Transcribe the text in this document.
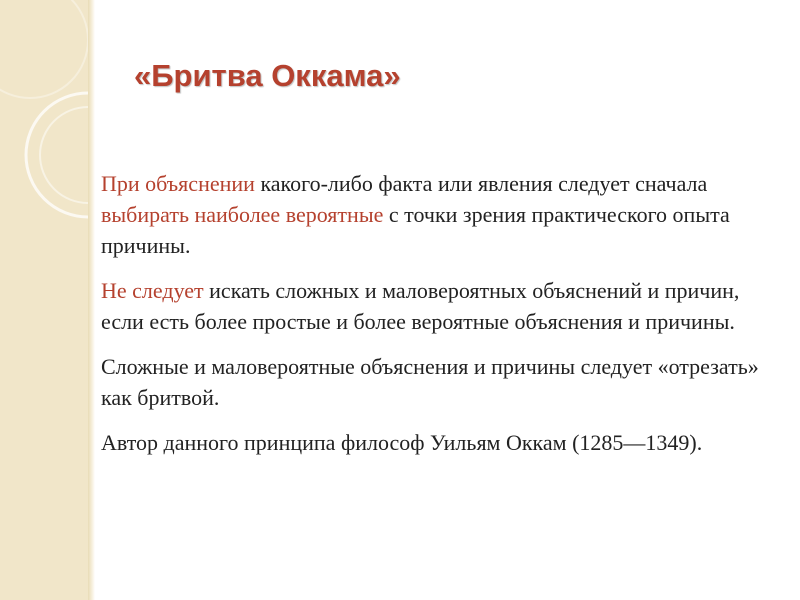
«Бритва Оккама»

При объяснении какого-либо факта или явления следует сначала выбирать наиболее вероятные с точки зрения практического опыта причины.

Не следует искать сложных и маловероятных объяснений и причин, если есть более простые и более вероятные объяснения и причины.

Сложные и маловероятные объяснения и причины следует «отрезать» как бритвой.

Автор данного принципа философ Уильям Оккам (1285—1349).
